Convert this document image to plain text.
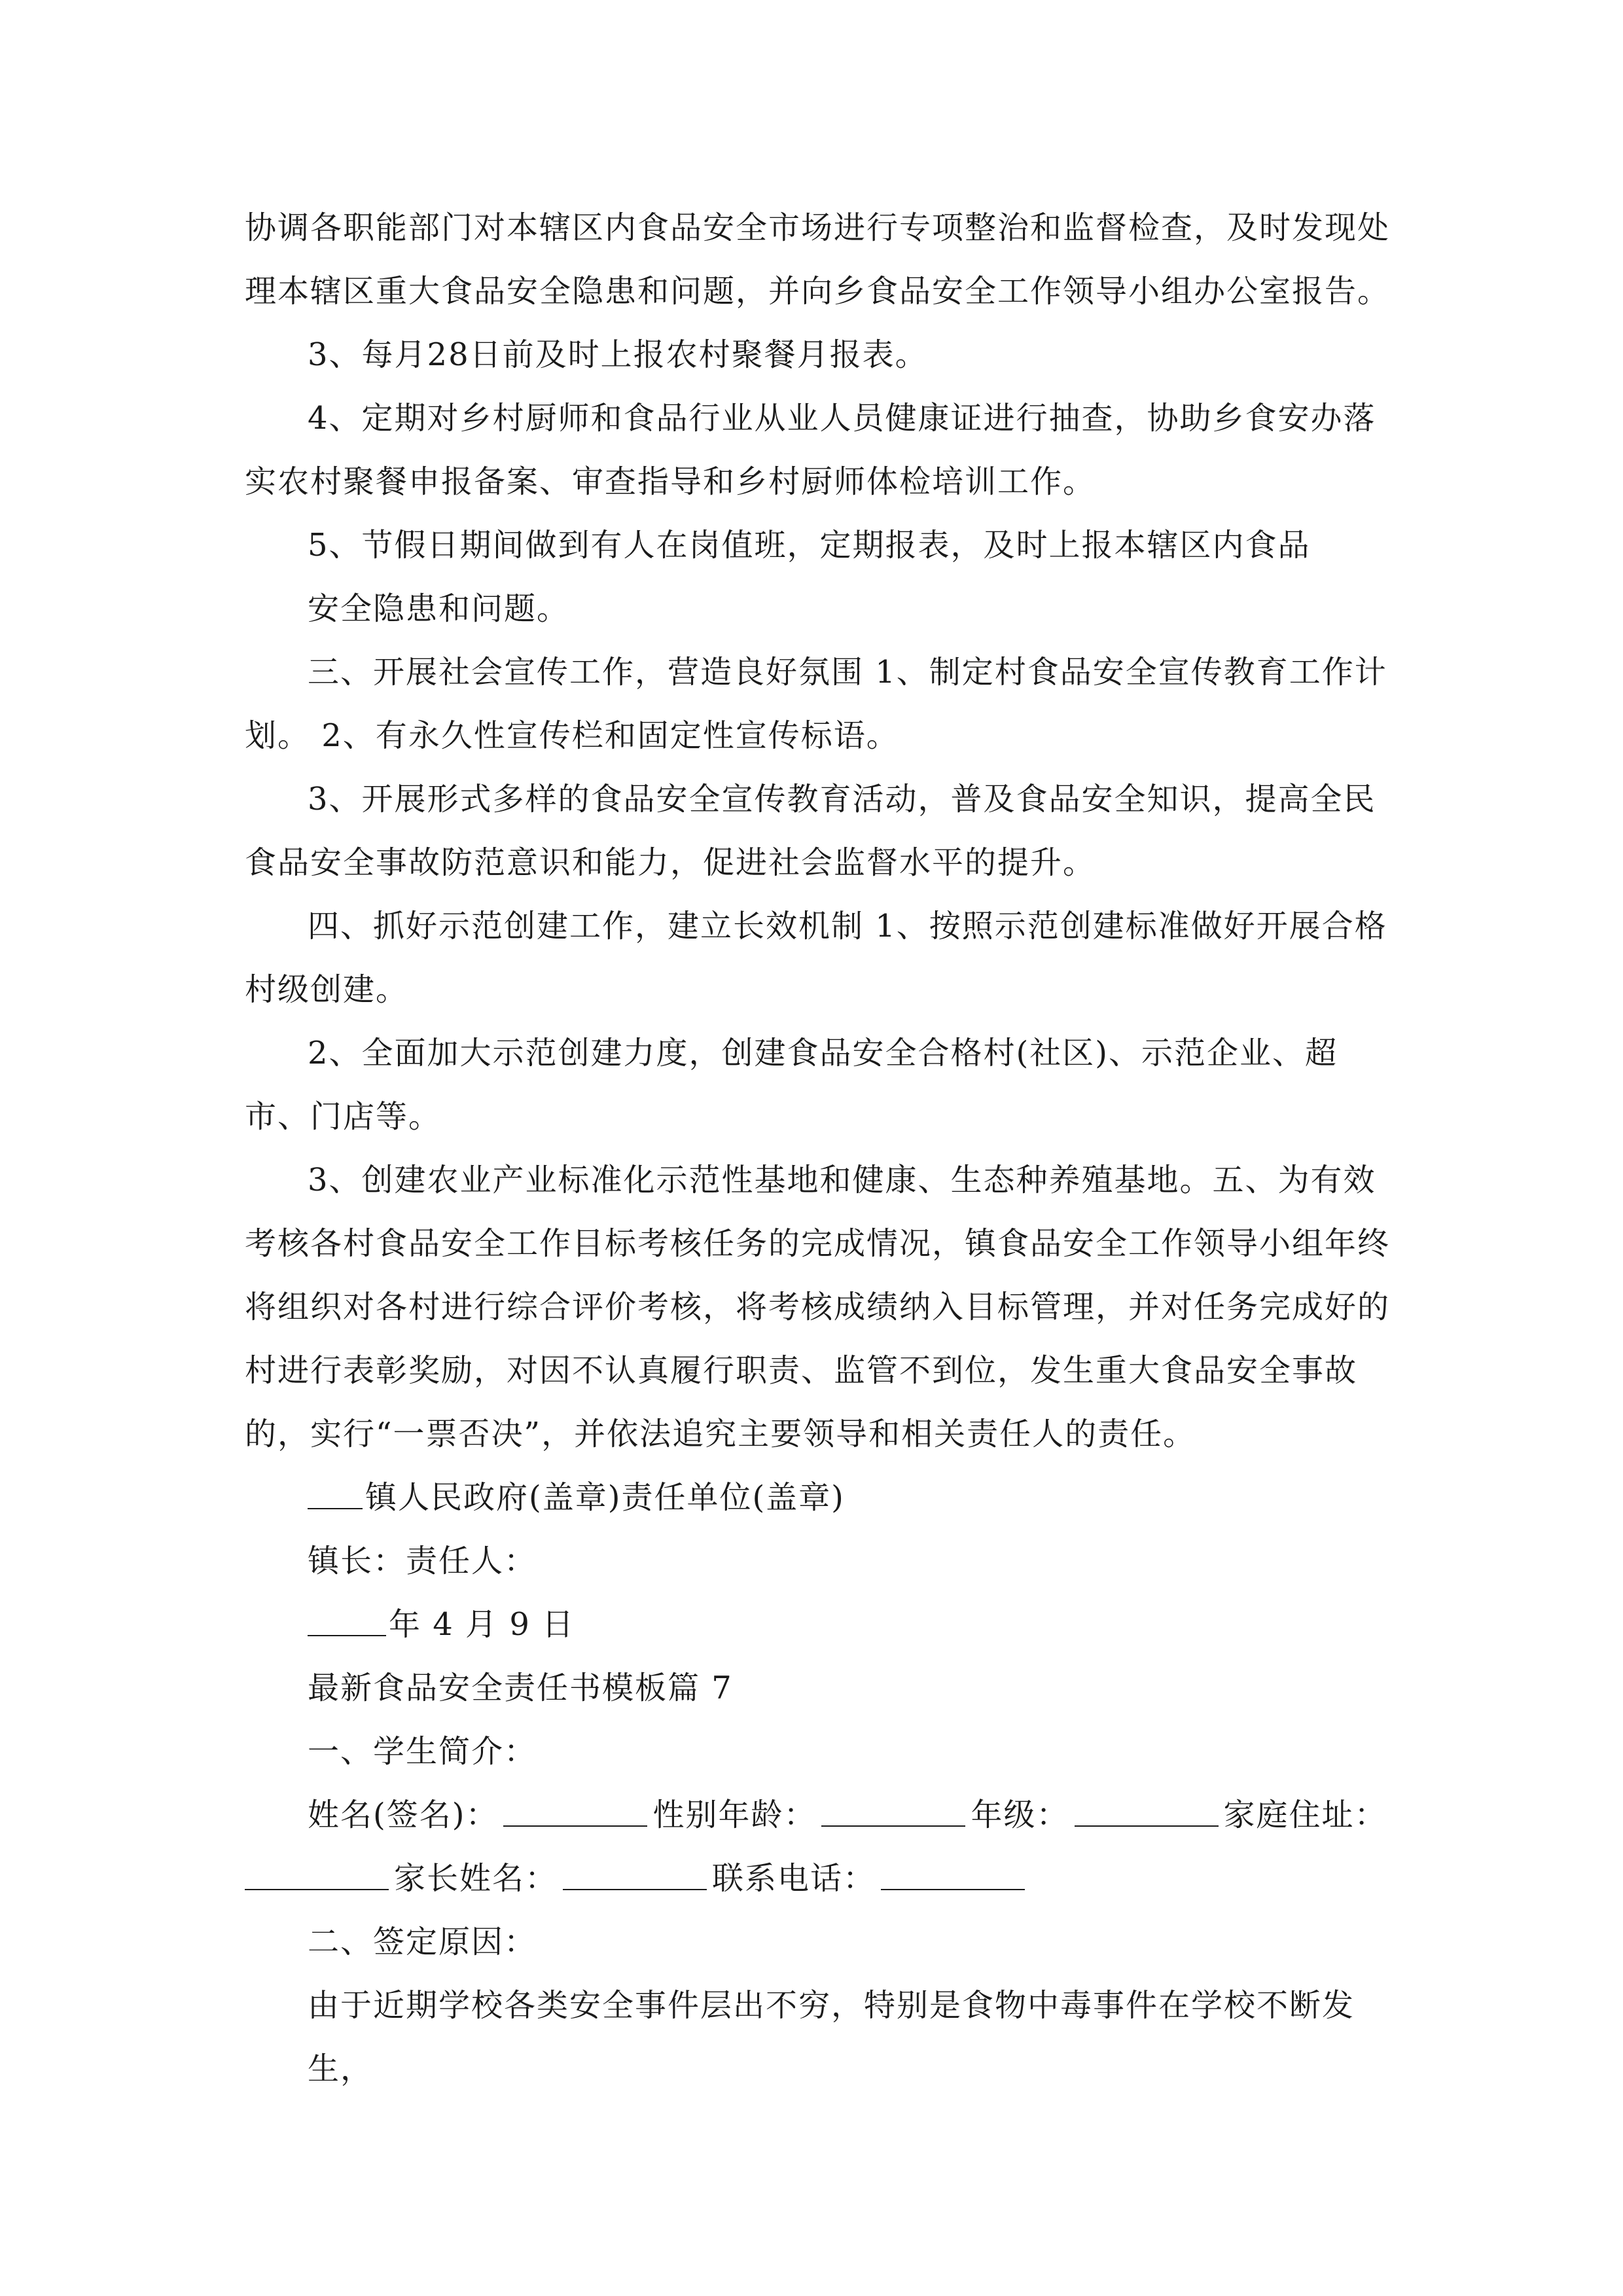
协调各职能部门对本辖区内食品安全市场进行专项整治和监督检查，及时发现处理本辖区重大食品安全隐患和问题，并向乡食品安全工作领导小组办公室报告。

3、每月28日前及时上报农村聚餐月报表。

4、定期对乡村厨师和食品行业从业人员健康证进行抽查，协助乡食安办落实农村聚餐申报备案、审查指导和乡村厨师体检培训工作。

5、节假日期间做到有人在岗值班，定期报表，及时上报本辖区内食品

安全隐患和问题。

三、开展社会宣传工作，营造良好氛围 1、制定村食品安全宣传教育工作计划。 2、有永久性宣传栏和固定性宣传标语。

3、开展形式多样的食品安全宣传教育活动，普及食品安全知识，提高全民食品安全事故防范意识和能力，促进社会监督水平的提升。

四、抓好示范创建工作，建立长效机制 1、按照示范创建标准做好开展合格村级创建。

2、全面加大示范创建力度，创建食品安全合格村(社区)、示范企业、超市、门店等。

3、创建农业产业标准化示范性基地和健康、生态种养殖基地。五、为有效考核各村食品安全工作目标考核任务的完成情况，镇食品安全工作领导小组年终将组织对各村进行综合评价考核，将考核成绩纳入目标管理，并对任务完成好的村进行表彰奖励，对因不认真履行职责、监管不到位，发生重大食品安全事故的，实行“一票否决”，并依法追究主要领导和相关责任人的责任。

镇人民政府(盖章)责任单位(盖章)

镇长：责任人：

年 4 月 9 日

最新食品安全责任书模板篇 7

一、学生简介：

姓名(签名)：	性别年龄：	年级：	家庭住址：

家长姓名：	联系电话：

二、签定原因：

由于近期学校各类安全事件层出不穷，特别是食物中毒事件在学校不断发生，
